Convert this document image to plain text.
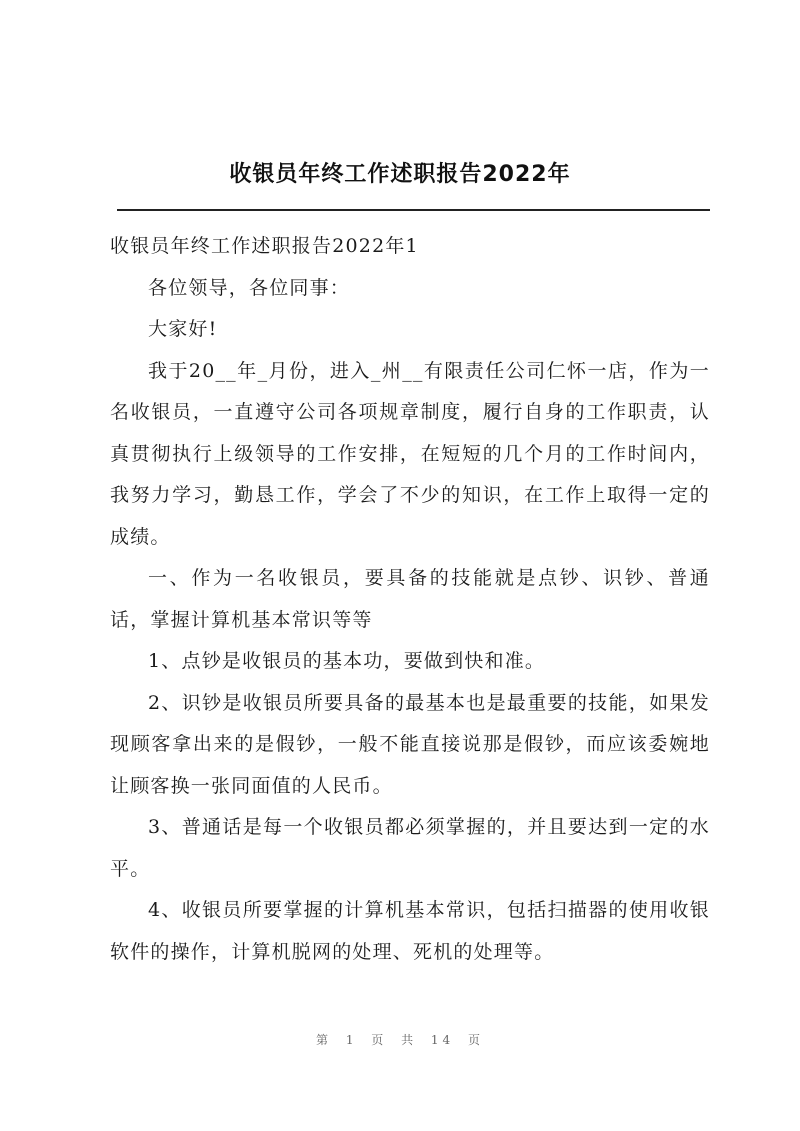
收银员年终工作述职报告2022年

收银员年终工作述职报告2022年1

各位领导，各位同事：

大家好!

我于20__年_月份，进入_州__有限责任公司仁怀一店，作为一名收银员，一直遵守公司各项规章制度，履行自身的工作职责，认真贯彻执行上级领导的工作安排，在短短的几个月的工作时间内，我努力学习，勤恳工作，学会了不少的知识，在工作上取得一定的成绩。

一、作为一名收银员，要具备的技能就是点钞、识钞、普通话，掌握计算机基本常识等等

1、点钞是收银员的基本功，要做到快和准。

2、识钞是收银员所要具备的最基本也是最重要的技能，如果发现顾客拿出来的是假钞，一般不能直接说那是假钞，而应该委婉地让顾客换一张同面值的人民币。

3、普通话是每一个收银员都必须掌握的，并且要达到一定的水平。

4、收银员所要掌握的计算机基本常识，包括扫描器的使用收银软件的操作，计算机脱网的处理、死机的处理等。

第 1 页 共 14 页
